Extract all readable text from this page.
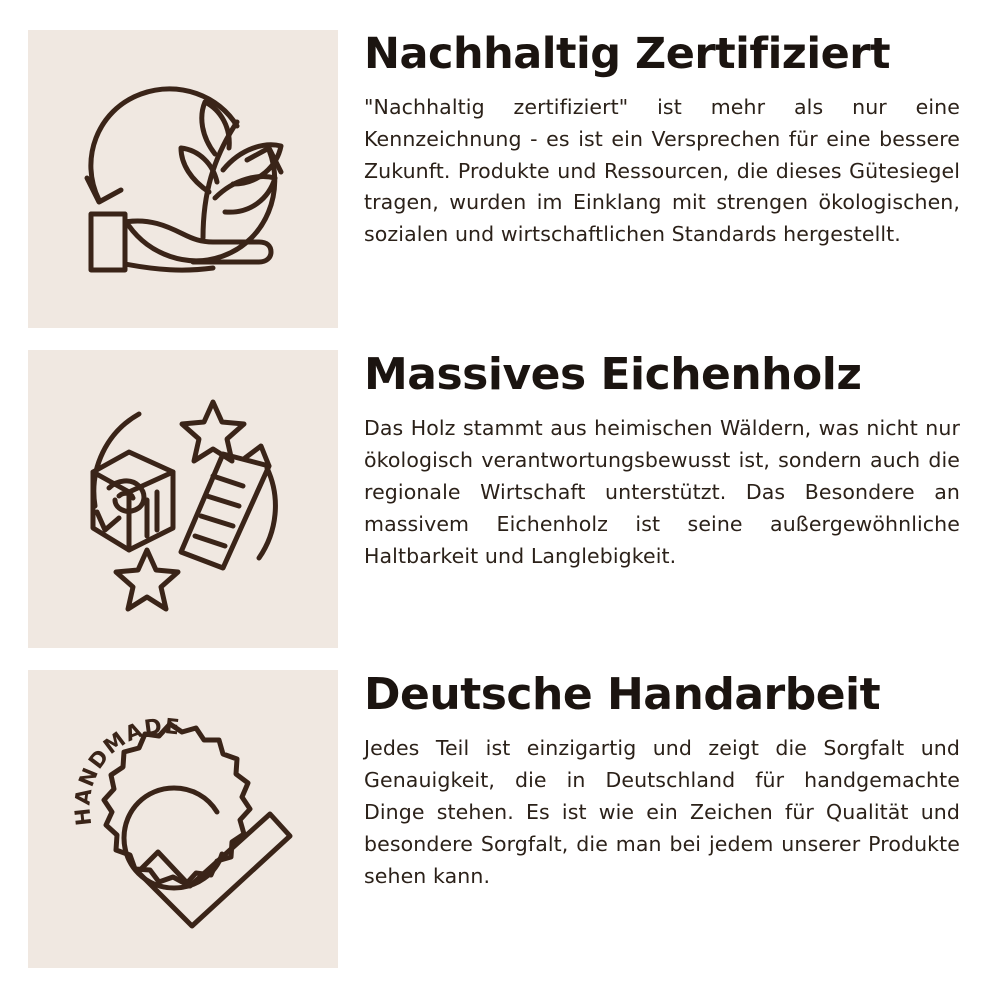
Nachhaltig Zertifiziert

"Nachhaltig zertifiziert" ist mehr als nur eine Kennzeichnung - es ist ein Versprechen für eine bessere Zukunft. Produkte und Ressourcen, die dieses Gütesiegel tragen, wurden im Einklang mit strengen ökologischen, sozialen und wirtschaftlichen Standards hergestellt.

Massives Eichenholz

Das Holz stammt aus heimischen Wäldern, was nicht nur ökologisch verantwortungsbewusst ist, sondern auch die regionale Wirtschaft unterstützt. Das Besondere an massivem Eichenholz ist seine außergewöhnliche Haltbarkeit und Langlebigkeit.

HANDMADE
Deutsche Handarbeit

Jedes Teil ist einzigartig und zeigt die Sorgfalt und Genauigkeit, die in Deutschland für handgemachte Dinge stehen. Es ist wie ein Zeichen für Qualität und besondere Sorgfalt, die man bei jedem unserer Produkte sehen kann.
